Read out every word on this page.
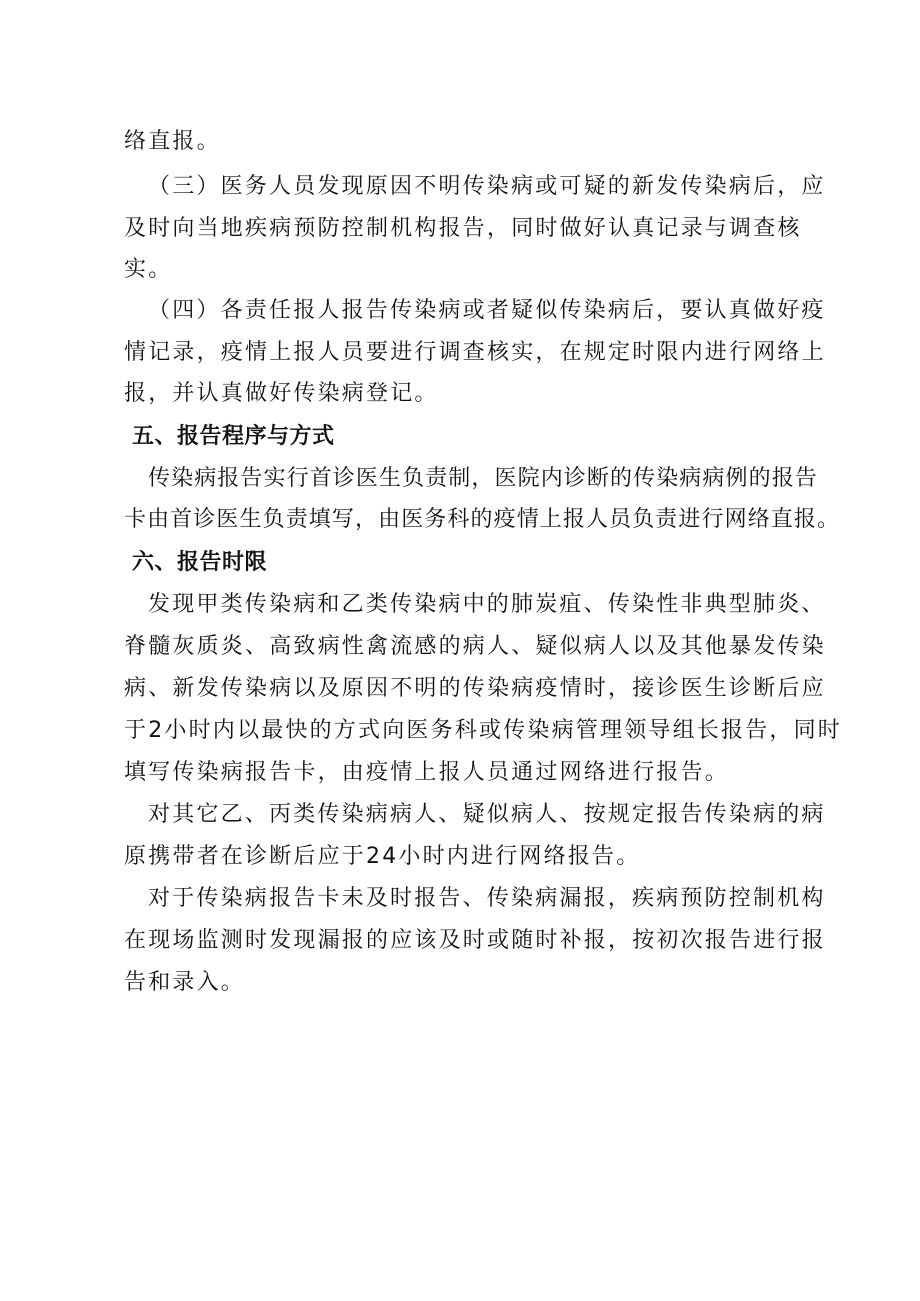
络直报。
（三）医务人员发现原因不明传染病或可疑的新发传染病后，应
及时向当地疾病预防控制机构报告，同时做好认真记录与调查核
实。
（四）各责任报人报告传染病或者疑似传染病后，要认真做好疫
情记录，疫情上报人员要进行调查核实，在规定时限内进行网络上
报，并认真做好传染病登记。
五、报告程序与方式
传染病报告实行首诊医生负责制，医院内诊断的传染病病例的报告
卡由首诊医生负责填写，由医务科的疫情上报人员负责进行网络直报。
六、报告时限
发现甲类传染病和乙类传染病中的肺炭疽、传染性非典型肺炎、
脊髓灰质炎、高致病性禽流感的病人、疑似病人以及其他暴发传染
病、新发传染病以及原因不明的传染病疫情时，接诊医生诊断后应
于2小时内以最快的方式向医务科或传染病管理领导组长报告，同时
填写传染病报告卡，由疫情上报人员通过网络进行报告。
对其它乙、丙类传染病病人、疑似病人、按规定报告传染病的病
原携带者在诊断后应于24小时内进行网络报告。
对于传染病报告卡未及时报告、传染病漏报，疾病预防控制机构
在现场监测时发现漏报的应该及时或随时补报，按初次报告进行报
告和录入。
